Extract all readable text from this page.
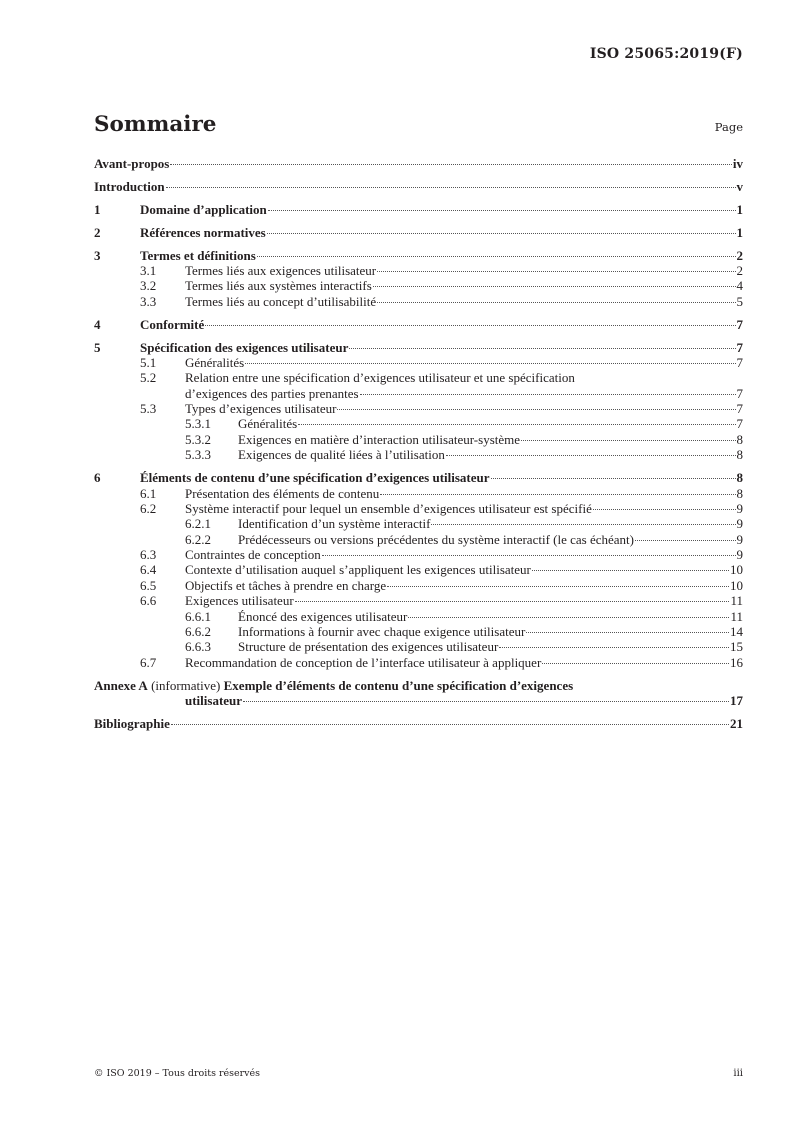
ISO 25065:2019(F)
Sommaire	Page
Avant-propos	iv
Introduction	v
1	Domaine d’application	1
2	Références normatives	1
3	Termes et définitions	2
3.1 Termes liés aux exigences utilisateur	2
3.2 Termes liés aux systèmes interactifs	4
3.3 Termes liés au concept d’utilisabilité	5
4	Conformité	7
5	Spécification des exigences utilisateur	7
5.1 Généralités	7
5.2 Relation entre une spécification d’exigences utilisateur et une spécification
d’exigences des parties prenantes	7
5.3 Types d’exigences utilisateur	7
5.3.1 Généralités	7
5.3.2 Exigences en matière d’interaction utilisateur-système	8
5.3.3 Exigences de qualité liées à l’utilisation	8
6	Éléments de contenu d’une spécification d’exigences utilisateur	8
6.1 Présentation des éléments de contenu	8
6.2 Système interactif pour lequel un ensemble d’exigences utilisateur est spécifié	9
6.2.1 Identification d’un système interactif	9
6.2.2 Prédécesseurs ou versions précédentes du système interactif (le cas échéant)	9
6.3 Contraintes de conception	9
6.4 Contexte d’utilisation auquel s’appliquent les exigences utilisateur	10
6.5 Objectifs et tâches à prendre en charge	10
6.6 Exigences utilisateur	11
6.6.1 Énoncé des exigences utilisateur	11
6.6.2 Informations à fournir avec chaque exigence utilisateur	14
6.6.3 Structure de présentation des exigences utilisateur	15
6.7 Recommandation de conception de l’interface utilisateur à appliquer	16
Annexe A (informative) Exemple d’éléments de contenu d’une spécification d’exigences
utilisateur	17
Bibliographie	21
© ISO 2019 – Tous droits réservés	iii
